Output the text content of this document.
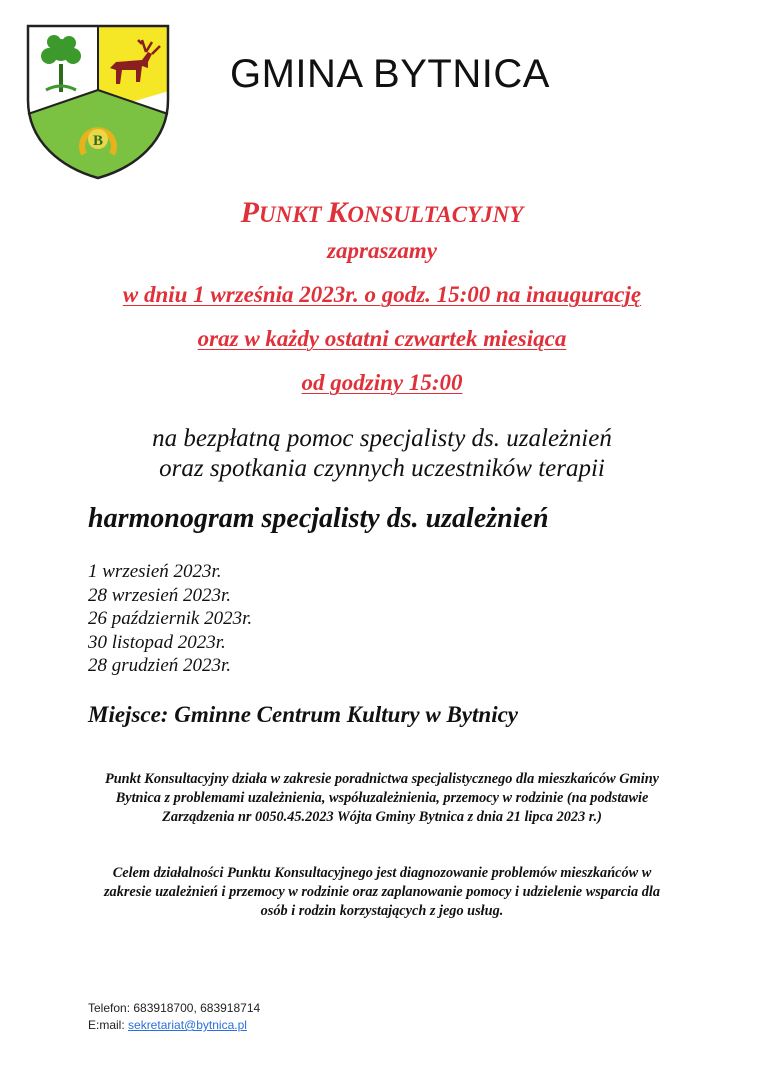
B
GMINA BYTNICA
PUNKT KONSULTACYJNY
zapraszamy
w dniu 1 września 2023r. o godz. 15:00 na inaugurację
oraz w każdy ostatni czwartek miesiąca
od godziny 15:00
na bezpłatną pomoc specjalisty ds. uzależnień
oraz spotkania czynnych uczestników terapii
harmonogram specjalisty ds. uzależnień
1 wrzesień 2023r.
28 wrzesień 2023r.
26 październik 2023r.
30 listopad 2023r.
28 grudzień 2023r.
Miejsce: Gminne Centrum Kultury w Bytnicy

Punkt Konsultacyjny działa w zakresie poradnictwa specjalistycznego dla mieszkańców Gminy Bytnica z problemami uzależnienia, współuzależnienia, przemocy w rodzinie (na podstawie Zarządzenia nr 0050.45.2023 Wójta Gminy Bytnica z dnia 21 lipca 2023 r.)

Celem działalności Punktu Konsultacyjnego jest diagnozowanie problemów mieszkańców w zakresie uzależnień i przemocy w rodzinie oraz zaplanowanie pomocy i udzielenie wsparcia dla osób i rodzin korzystających z jego usług.

Telefon: 683918700, 683918714
E:mail: sekretariat@bytnica.pl
